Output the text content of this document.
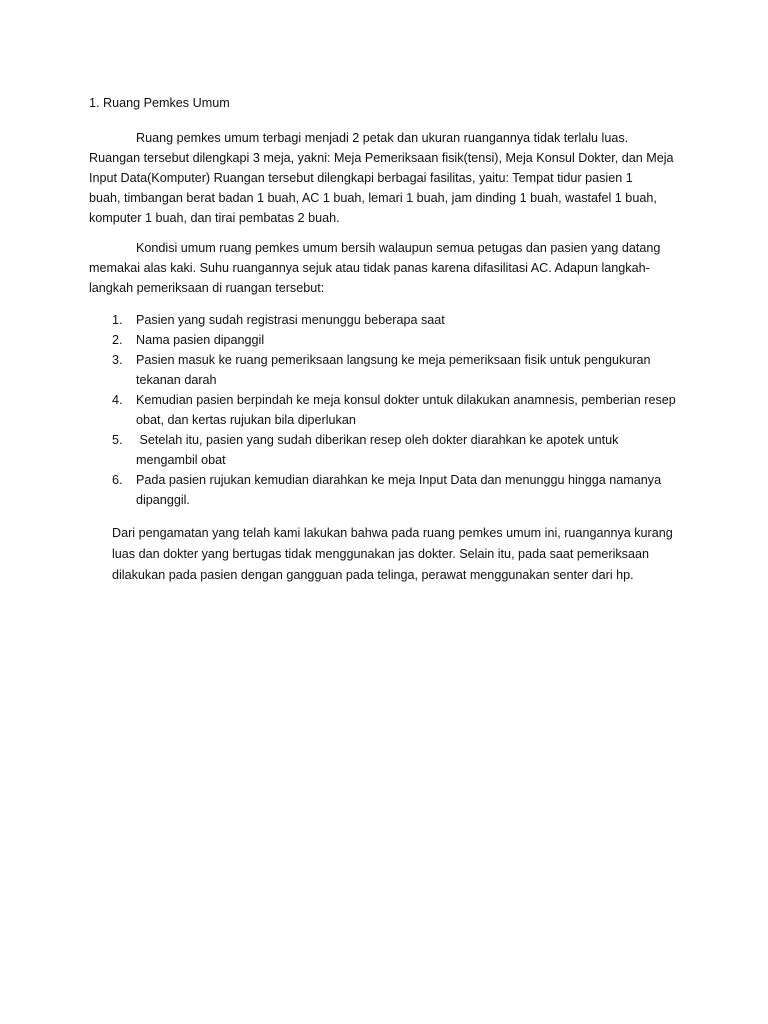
1. Ruang Pemkes Umum

Ruang pemkes umum terbagi menjadi 2 petak dan ukuran ruangannya tidak terlalu luas.
Ruangan tersebut dilengkapi 3 meja, yakni: Meja Pemeriksaan fisik(tensi), Meja Konsul Dokter, dan Meja
Input Data(Komputer) Ruangan tersebut dilengkapi berbagai fasilitas, yaitu: Tempat tidur pasien 1
buah, timbangan berat badan 1 buah, AC 1 buah, lemari 1 buah, jam dinding 1 buah, wastafel 1 buah,
komputer 1 buah, dan tirai pembatas 2 buah.

Kondisi umum ruang pemkes umum bersih walaupun semua petugas dan pasien yang datang
memakai alas kaki. Suhu ruangannya sejuk atau tidak panas karena difasilitasi AC. Adapun langkah-
langkah pemeriksaan di ruangan tersebut:

1. Pasien yang sudah registrasi menunggu beberapa saat
2. Nama pasien dipanggil
3. Pasien masuk ke ruang pemeriksaan langsung ke meja pemeriksaan fisik untuk pengukuran
tekanan darah
4. Kemudian pasien berpindah ke meja konsul dokter untuk dilakukan anamnesis, pemberian resep
obat, dan kertas rujukan bila diperlukan
5. Setelah itu, pasien yang sudah diberikan resep oleh dokter diarahkan ke apotek untuk
mengambil obat
6. Pada pasien rujukan kemudian diarahkan ke meja Input Data dan menunggu hingga namanya
dipanggil.

Dari pengamatan yang telah kami lakukan bahwa pada ruang pemkes umum ini, ruangannya kurang
luas dan dokter yang bertugas tidak menggunakan jas dokter. Selain itu, pada saat pemeriksaan
dilakukan pada pasien dengan gangguan pada telinga, perawat menggunakan senter dari hp.
